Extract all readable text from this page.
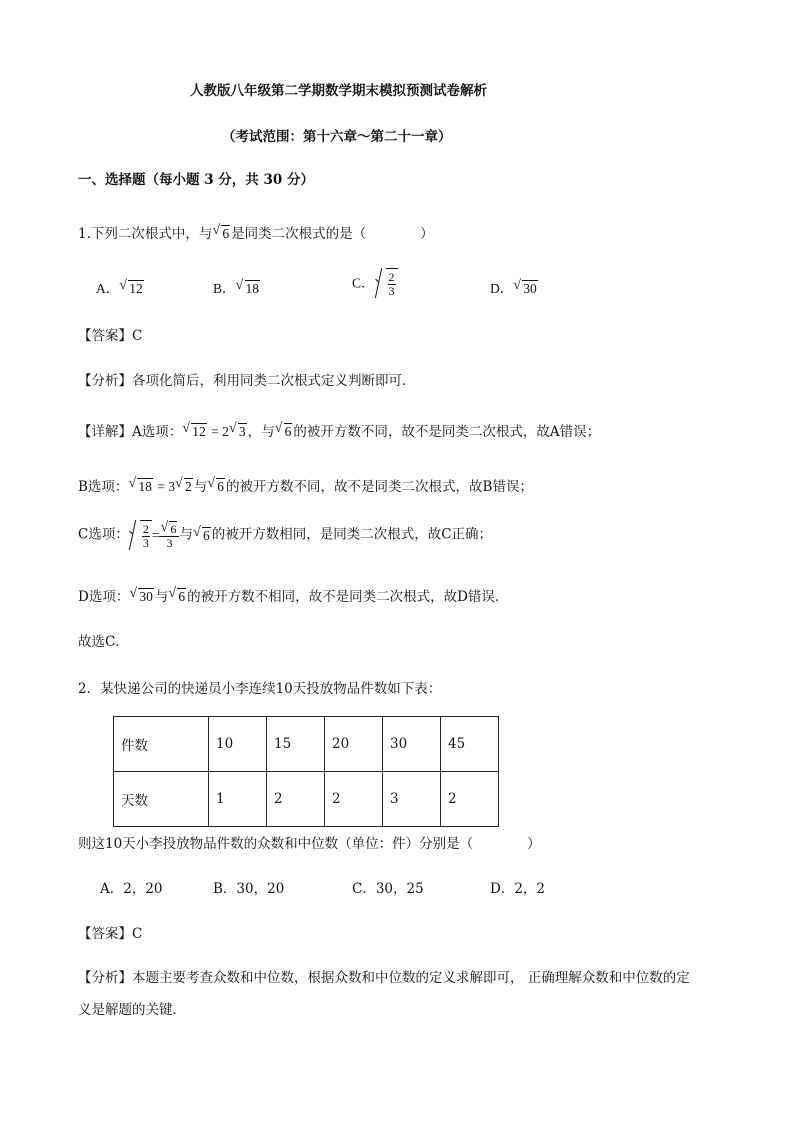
人教版八年级第二学期数学期末模拟预测试卷解析
（考试范围：第十六章～第二十一章）
一、选择题（每小题 3 分，共 30 分）
1.下列二次根式中，与 √ 6 是同类二次根式的是（　　　　）
A． √ 12	B． √ 18	C． $\frac{2}{3}$	D． √ 30
【答案】C
【分析】各项化简后，利用同类二次根式定义判断即可．
【详解】A选项： √ 12 = 2 √ 3 ，与 √ 6 的被开方数不同，故不是同类二次根式，故A错误；
B选项： √ 18 = 3 √ 2 与 √ 6 的被开方数不同，故不是同类二次根式，故B错误；
C选项： $\frac{2}{3}$ = √ $\frac{6}{3}$ 与 √ 6 的被开方数相同，是同类二次根式，故C正确；
D选项： √ 30 与 √ 6 的被开方数不相同，故不是同类二次根式，故D错误．
故选C．
2．某快递公司的快递员小李连续10天投放物品件数如下表：
件数	10	15	20	30	45
天数	1	2	2	3	2
则这10天小李投放物品件数的众数和中位数（单位：件）分别是（　　　　）
A．2，20	B．30，20	C．30，25	D．2，2
【答案】C
【分析】本题主要考查众数和中位数，根据众数和中位数的定义求解即可， 正确理解众数和中位数的定
义是解题的关键．
